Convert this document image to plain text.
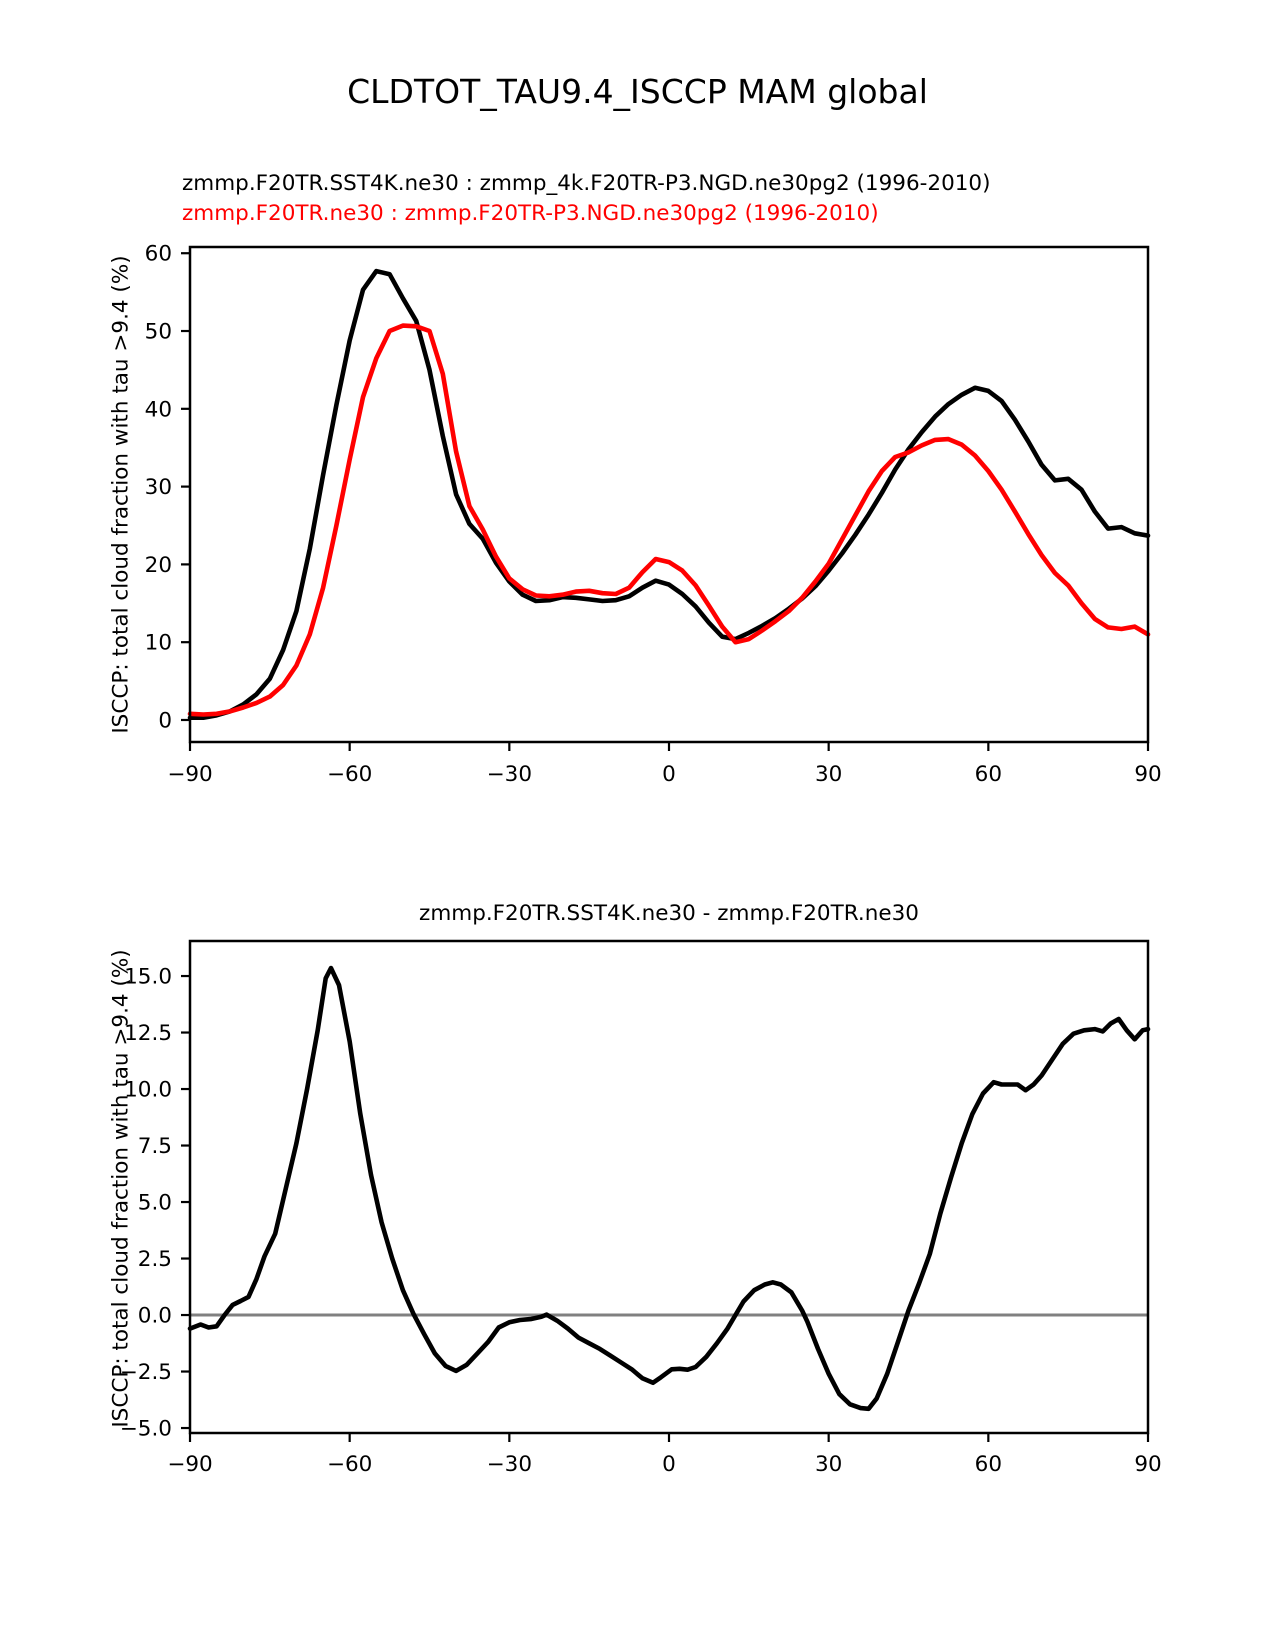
CLDTOT_TAU9.4_ISCCP MAM global
zmmp.F20TR.SST4K.ne30 : zmmp_4k.F20TR-P3.NGD.ne30pg2 (1996-2010)
zmmp.F20TR.ne30 : zmmp.F20TR-P3.NGD.ne30pg2 (1996-2010)
ISCCP: total cloud fraction with tau >9.4 (%)
zmmp.F20TR.SST4K.ne30 - zmmp.F20TR.ne30
ISCCP: total cloud fraction with tau >9.4 (%)
−90	−60	−30	0	30	60	90
0
10
20
30
40
50
60
−90	−60	−30	0	30	60	90
−5.0
−2.5
0.0
2.5
5.0
7.5
10.0
12.5
15.0
